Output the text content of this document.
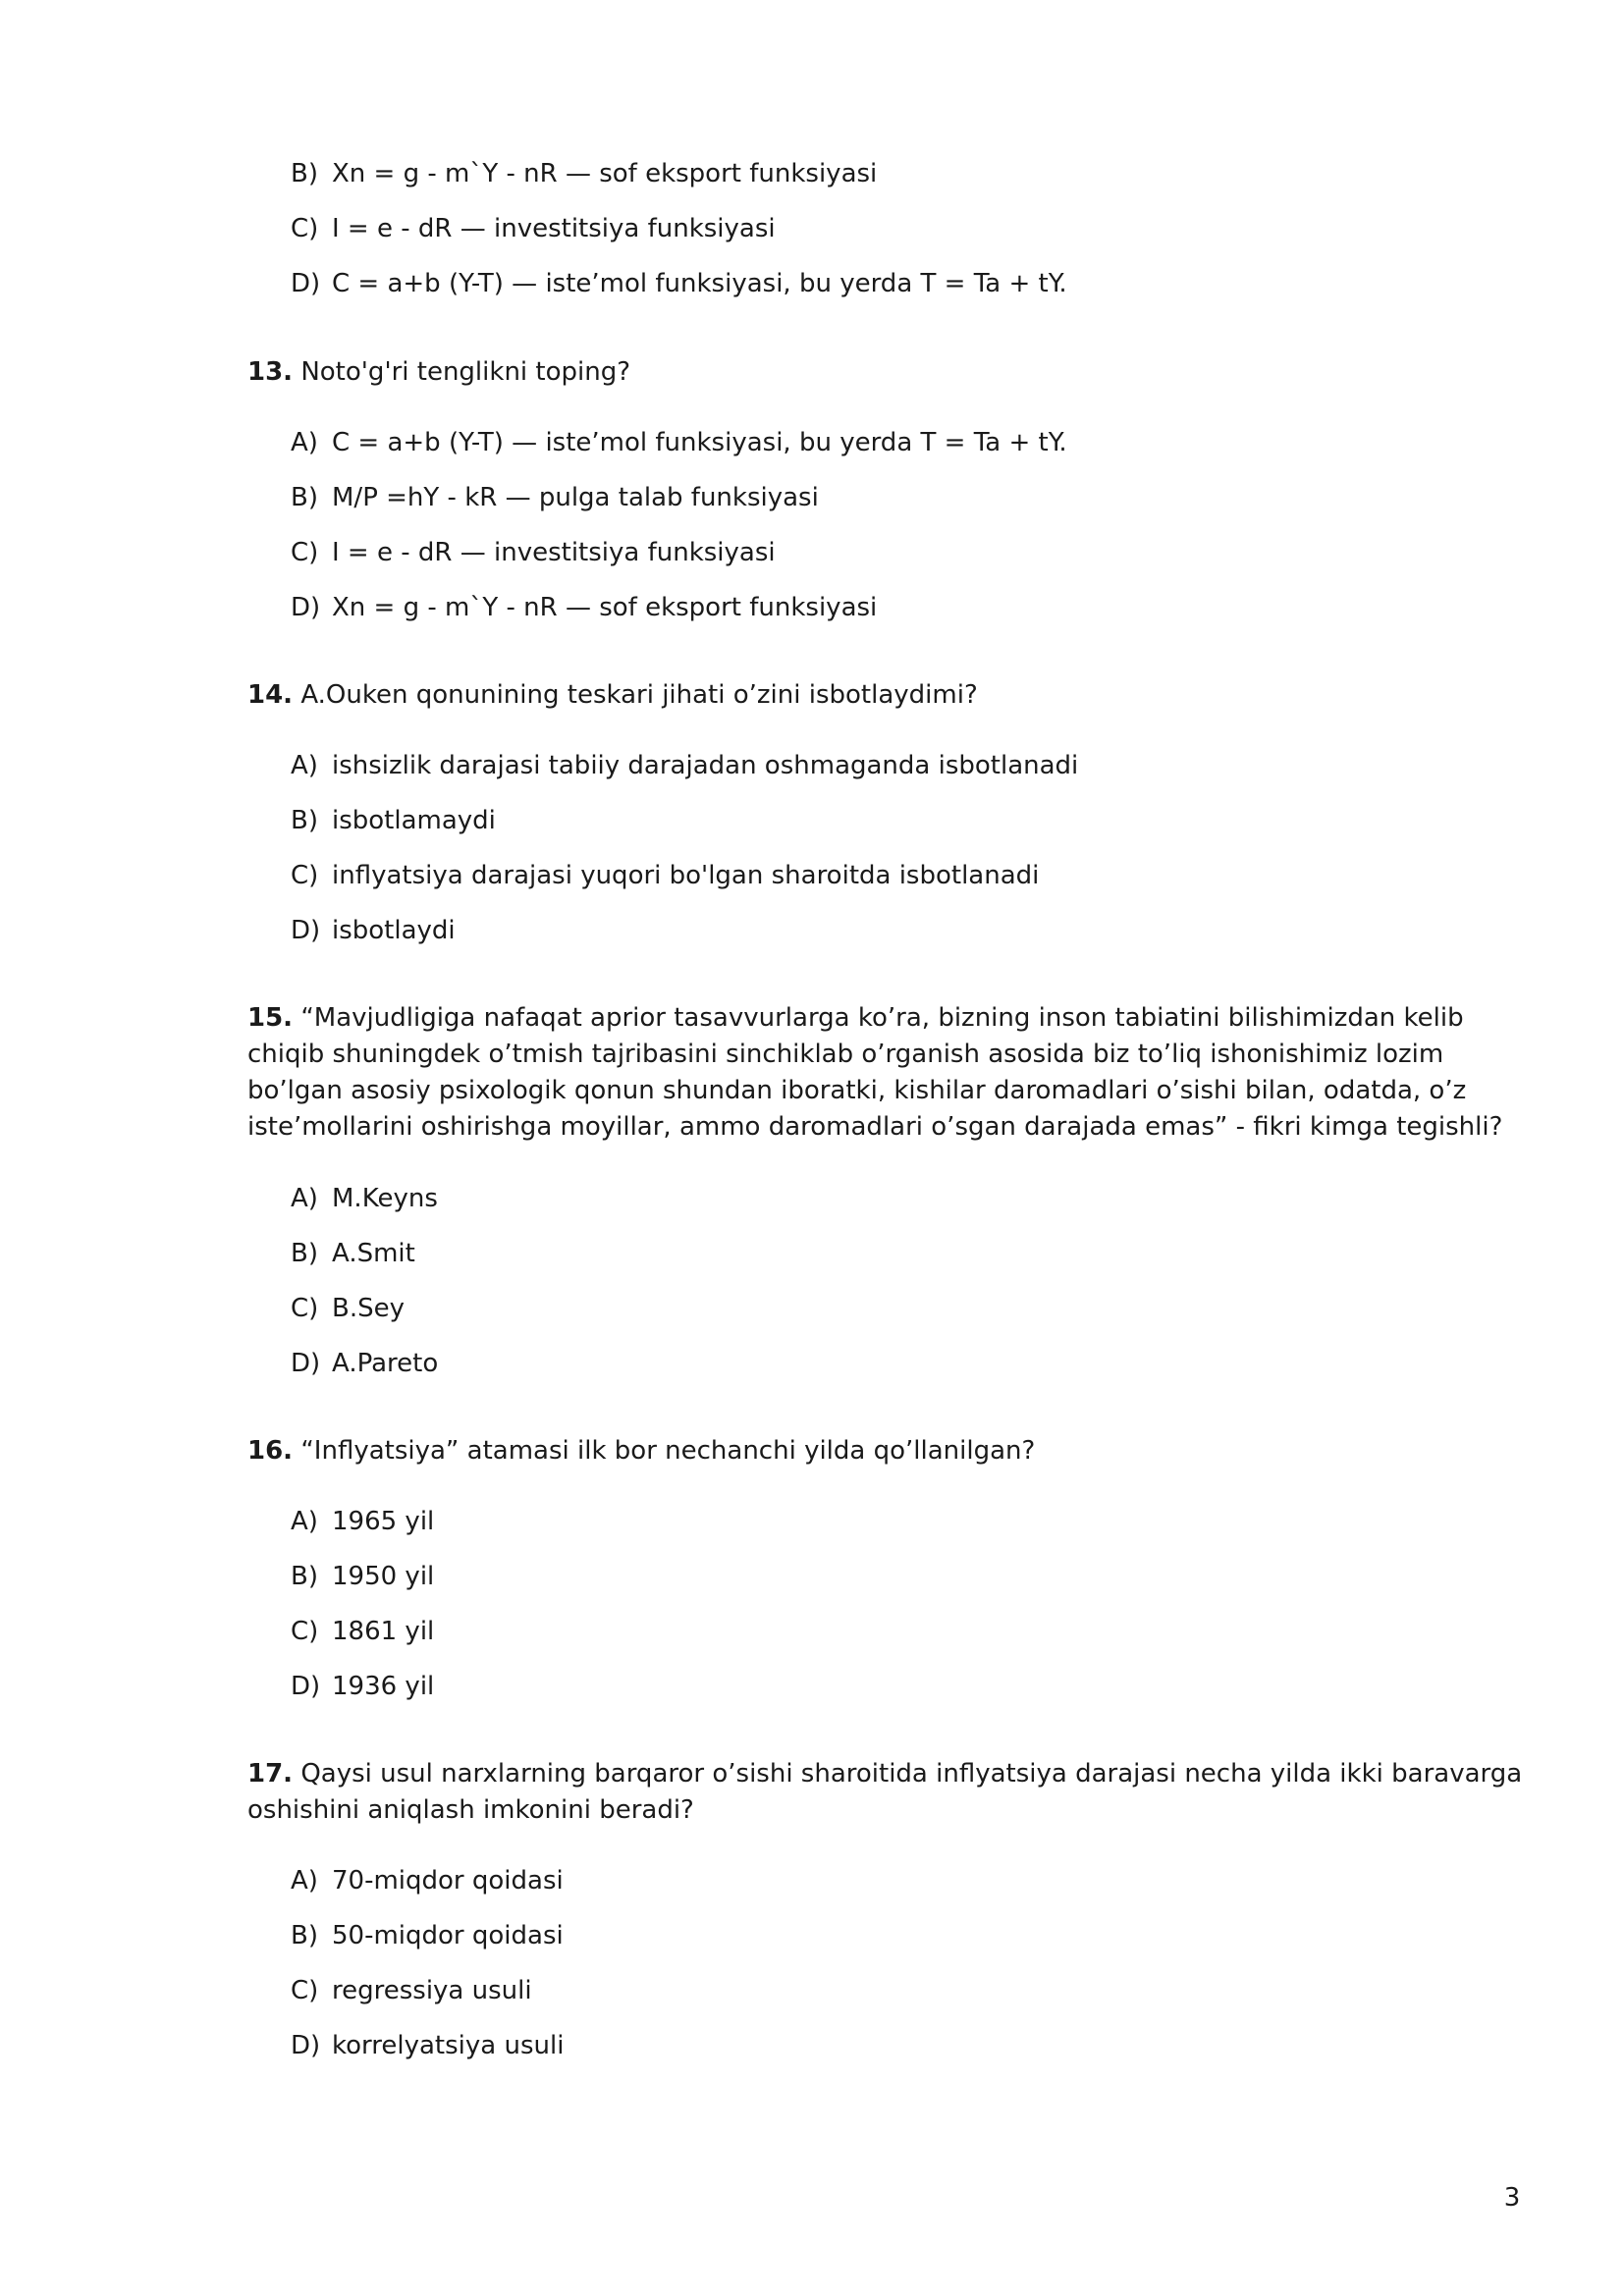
B) Xn = g - m`Y - nR — sof eksport funksiyasi
C) I = e - dR — investitsiya funksiyasi
D) C = a+b (Y-T) — iste’mol funksiyasi, bu yerda T = Ta + tY.
13. Noto'g'ri tenglikni toping?
A) C = a+b (Y-T) — iste’mol funksiyasi, bu yerda T = Ta + tY.
B) M/P =hY - kR — pulga talab funksiyasi
C) I = e - dR — investitsiya funksiyasi
D) Xn = g - m`Y - nR — sof eksport funksiyasi
14. A.Ouken qonunining teskari jihati o’zini isbotlaydimi?
A) ishsizlik darajasi tabiiy darajadan oshmaganda isbotlanadi
B) isbotlamaydi
C) inflyatsiya darajasi yuqori bo'lgan sharoitda isbotlanadi
D) isbotlaydi
15. “Mavjudligiga nafaqat aprior tasavvurlarga ko’ra, bizning inson tabiatini bilishimizdan kelib chiqib shuningdek o’tmish tajribasini sinchiklab o’rganish asosida biz to’liq ishonishimiz lozim bo’lgan asosiy psixologik qonun shundan iboratki, kishilar daromadlari o’sishi bilan, odatda, o’z iste’mollarini oshirishga moyillar, ammo daromadlari o’sgan darajada emas” - fikri kimga tegishli?
A) M.Keyns
B) A.Smit
C) B.Sey
D) A.Pareto
16. “Inflyatsiya” atamasi ilk bor nechanchi yilda qo’llanilgan?
A) 1965 yil
B) 1950 yil
C) 1861 yil
D) 1936 yil
17. Qaysi usul narxlarning barqaror o’sishi sharoitida inflyatsiya darajasi necha yilda ikki baravarga oshishini aniqlash imkonini beradi?
A) 70-miqdor qoidasi
B) 50-miqdor qoidasi
C) regressiya usuli
D) korrelyatsiya usuli
3
